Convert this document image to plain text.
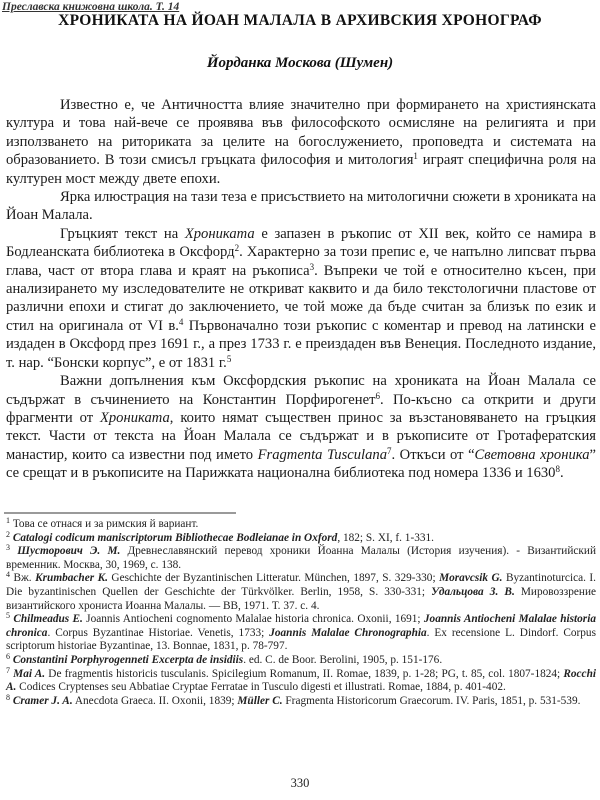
Преславска книжовна школа. Т. 14
ХРОНИКАТА НА ЙОАН МАЛАЛА В АРХИВСКИЯ ХРОНОГРАФ
Йорданка Москова (Шумен)

Известно е, че Античността влияе значително при формирането на християнската култура и това най-вече се проявява във философското осмисляне на религията и при използването на риториката за целите на богослужението, проповедта и системата на образованието. В този смисъл гръцката философия и митология$^1$ играят специфична роля на културен мост между двете епохи.

Ярка илюстрация на тази теза е присъствието на митологични сюжети в хрониката на Йоан Малала.

Гръцкият текст на Хрониката е запазен в ръкопис от XII век, който се намира в Бодлеанската библиотека в Оксфорд$^2$. Характерно за този препис е, че напълно липсват първа глава, част от втора глава и краят на ръкописа$^3$. Въпреки че той е относително късен, при анализирането му изследователите не откриват каквито и да било текстологични пластове от различни епохи и стигат до заключението, че той може да бъде считан за близък по език и стил на оригинала от VI в.$^4$ Първоначално този ръкопис с коментар и превод на латински е издаден в Оксфорд през 1691 г., а през 1733 г. е преиздаден във Венеция. Последното издание, т. нар. “Бонски корпус”, е от 1831 г.$^5$

Важни допълнения към Оксфордския ръкопис на хрониката на Йоан Малала се съдържат в съчинението на Константин Порфирогенет$^6$. По-късно са открити и други фрагменти от Хрониката, които нямат съществен принос за възстановяването на гръцкия текст. Части от текста на Йоан Малала се съдържат и в ръкописите от Гротафератския манастир, които са известни под името Fragmenta Tusculana$^7$. Откъси от “Световна хроника” се срещат и в ръкописите на Парижката национална библиотека под номера 1336 и 1630$^8$.

$^1$ Това се отнася и за римския й вариант.

$^2$ Catalogi codicum maniscriptorum Bibliothecae Bodleianae in Oxford, 182; S. XI, f. 1-331.

$^3$ Шусторович Э. М. Древнеславянский перевод хроники Йоанна Малалы (История изучения). - Византийский временник. Москва, 30, 1969, с. 138.

$^4$ Вж. Krumbacher K. Geschichte der Byzantinischen Litteratur. München, 1897, S. 329-330; Moravcsik G. Byzantinoturcica. I. Die byzantinischen Quellen der Geschichte der Türkvölker. Berlin, 1958, S. 330-331; Удальцова З. В. Мировоззрение византийского хрониста Иоанна Малалы. — ВВ, 1971. Т. 37. с. 4.

$^5$ Chilmeadus E. Joannis Antiocheni cognomento Malalae historia chronica. Oxonii, 1691; Joannis Antiocheni Malalae historia chronica. Corpus Byzantinae Historiae. Venetis, 1733; Joannis Malalae Chronographia. Ex recensione L. Dindorf. Corpus scriptorum historiae Byzantinae, 13. Bonnae, 1831, p. 78-797.

$^6$ Constantini Porphyrogenneti Excerpta de insidiis. ed. C. de Boor. Berolini, 1905, p. 151-176.

$^7$ Mai A. De fragmentis historicis tusculanis. Spicilegium Romanum, II. Romae, 1839, p. 1-28; PG, t. 85, col. 1807-1824; Rocchi A. Codices Cryptenses seu Abbatiae Cryptae Ferratae in Tusculo digesti et illustrati. Romae, 1884, p. 401-402.

$^8$ Cramer J. A. Anecdota Graeca. II. Oxonii, 1839; Müller C. Fragmenta Historicorum Graecorum. IV. Paris, 1851, p. 531-539.

330
